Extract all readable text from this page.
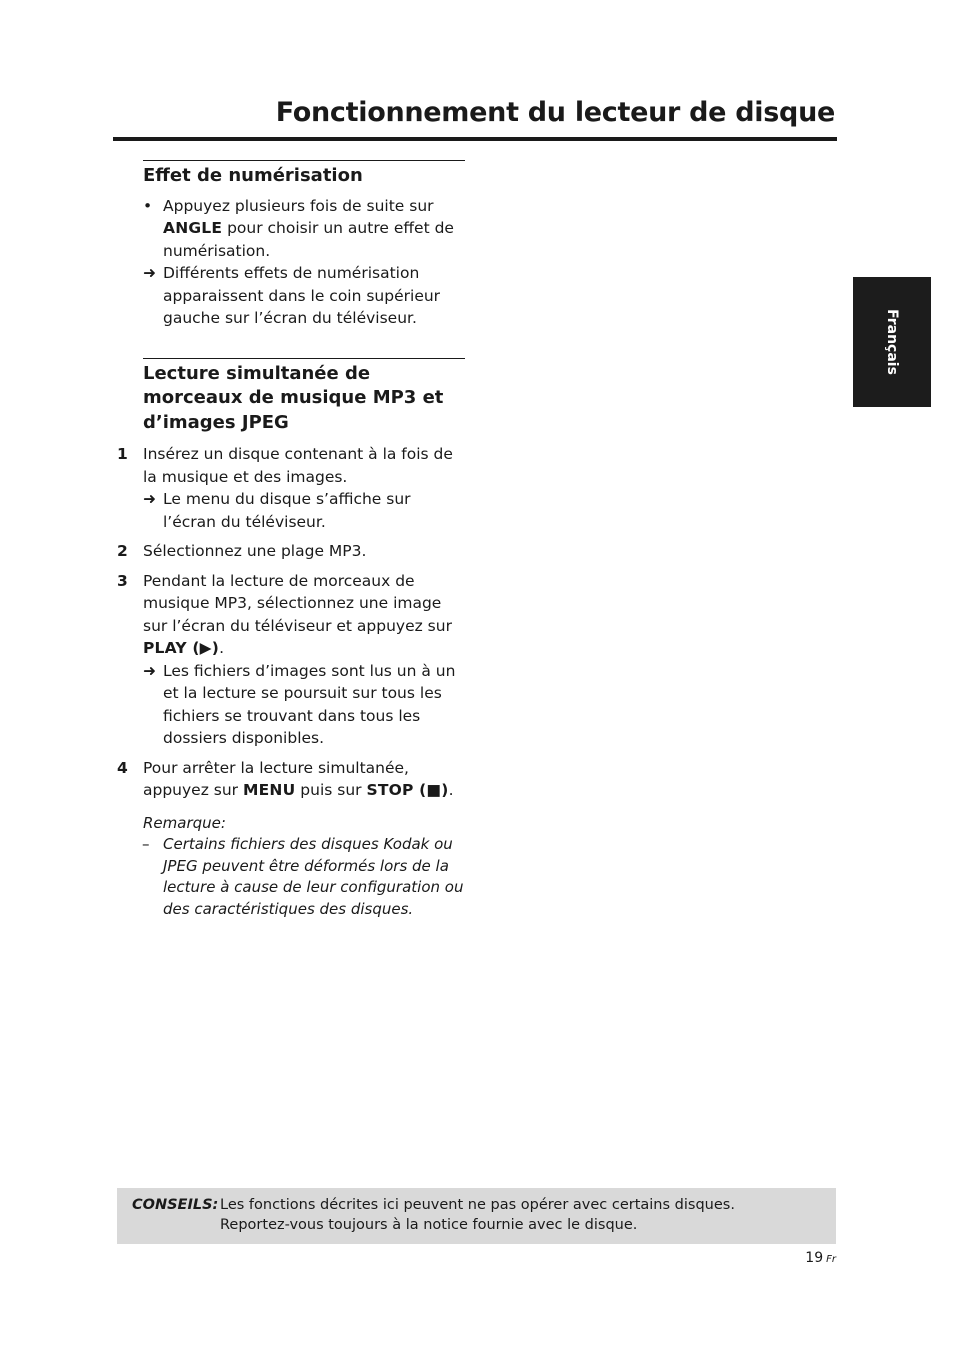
Fonctionnement du lecteur de disque
Français
Effet de numérisation
• Appuyez plusieurs fois de suite sur ANGLE pour choisir un autre effet de numérisation.
➜ Différents effets de numérisation apparaissent dans le coin supérieur gauche sur l’écran du téléviseur.
Lecture simultanée de morceaux de musique MP3 et d’images JPEG
1 Insérez un disque contenant à la fois de la musique et des images.
➜ Le menu du disque s’affiche sur l’écran du téléviseur.
2 Sélectionnez une plage MP3.
3 Pendant la lecture de morceaux de musique MP3, sélectionnez une image sur l’écran du téléviseur et appuyez sur PLAY (▶).
➜ Les fichiers d’images sont lus un à un et la lecture se poursuit sur tous les fichiers se trouvant dans tous les dossiers disponibles.
4 Pour arrêter la lecture simultanée, appuyez sur MENU puis sur STOP (■).
Remarque:
– Certains fichiers des disques Kodak ou JPEG peuvent être déformés lors de la lecture à cause de leur configuration ou des caractéristiques des disques.
CONSEILS: Les fonctions décrites ici peuvent ne pas opérer avec certains disques.
Reportez-vous toujours à la notice fournie avec le disque.
19 Fr
